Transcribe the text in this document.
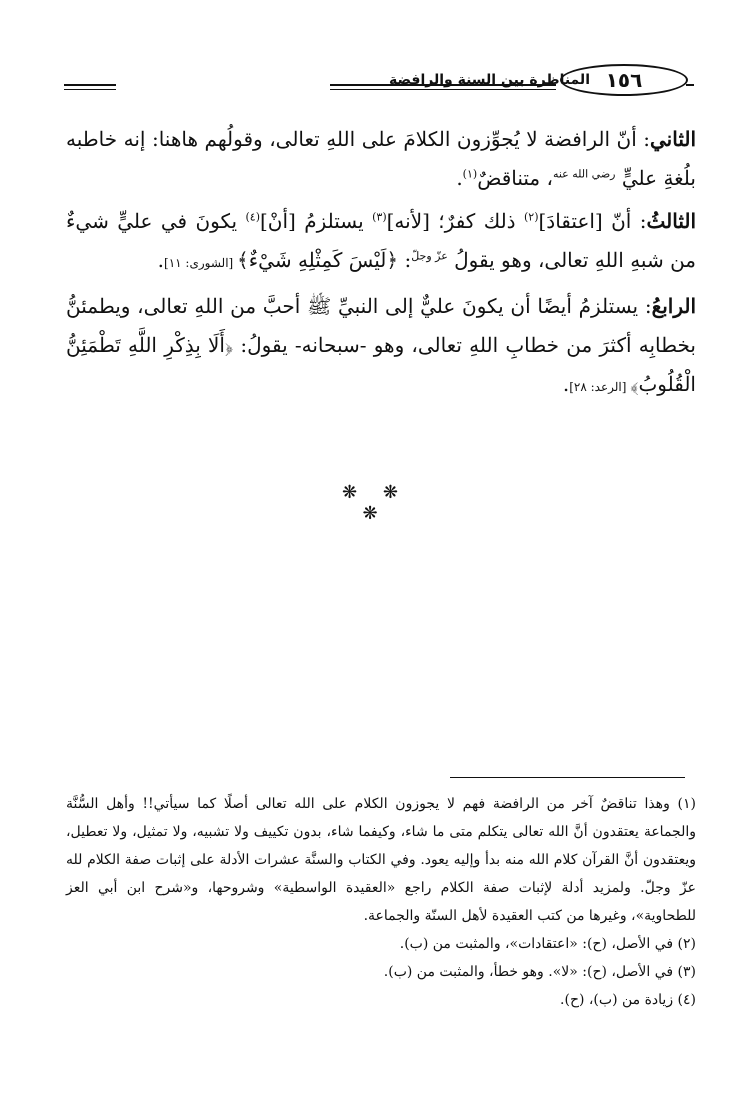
المناظرة بين السنة والرافضة ١٥٦

الثاني: أنّ الرافضة لا يُجوِّزون الكلامَ على اللهِ تعالى، وقولُهم هاهنا: إنه خاطبه بلُغةِ عليٍّ $^{رضي الله عنه}$، متناقضٌ$^{(١)}$.

الثالثُ: أنّ [اعتقادَ]$^{(٢)}$ ذلك كفرٌ؛ [لأنه]$^{(٣)}$ يستلزمُ [أنْ]$^{(٤)}$ يكونَ في عليٍّ شيءٌ من شبهِ اللهِ تعالى، وهو يقولُ $^{عزّ وجلّ}$: ﴿لَيْسَ كَمِثْلِهِ شَيْءٌ﴾ [الشورى: ١١].

الرابعُ: يستلزمُ أيضًا أن يكونَ عليٌّ إلى النبيِّ ﷺ أحبَّ من اللهِ تعالى، ويطمئنُّ بخطابِه أكثرَ من خطابِ اللهِ تعالى، وهو -سبحانه- يقولُ: ﴿أَلَا بِذِكْرِ اللَّهِ تَطْمَئِنُّ الْقُلُوبُ﴾ [الرعد: ٢٨].

❋ ❋ ❋

(١) وهذا تناقضٌ آخر من الرافضة فهم لا يجوزون الكلام على الله تعالى أصلًا كما سيأتي!! وأهل السُّنَّة والجماعة يعتقدون أنَّ الله تعالى يتكلم متى ما شاء، وكيفما شاء، بدون تكييف ولا تشبيه، ولا تمثيل، ولا تعطيل، ويعتقدون أنَّ القرآن كلام الله منه بدأ وإليه يعود. وفي الكتاب والسنَّة عشرات الأدلة على إثبات صفة الكلام لله عزّ وجلّ. ولمزيد أدلة لإثبات صفة الكلام راجع «العقيدة الواسطية» وشروحها، و«شرح ابن أبي العز للطحاوية»، وغيرها من كتب العقيدة لأهل السنّة والجماعة.

(٢) في الأصل، (ح): «اعتقادات»، والمثبت من (ب).

(٣) في الأصل، (ح): «لا». وهو خطأ، والمثبت من (ب).

(٤) زيادة من (ب)، (ح).
